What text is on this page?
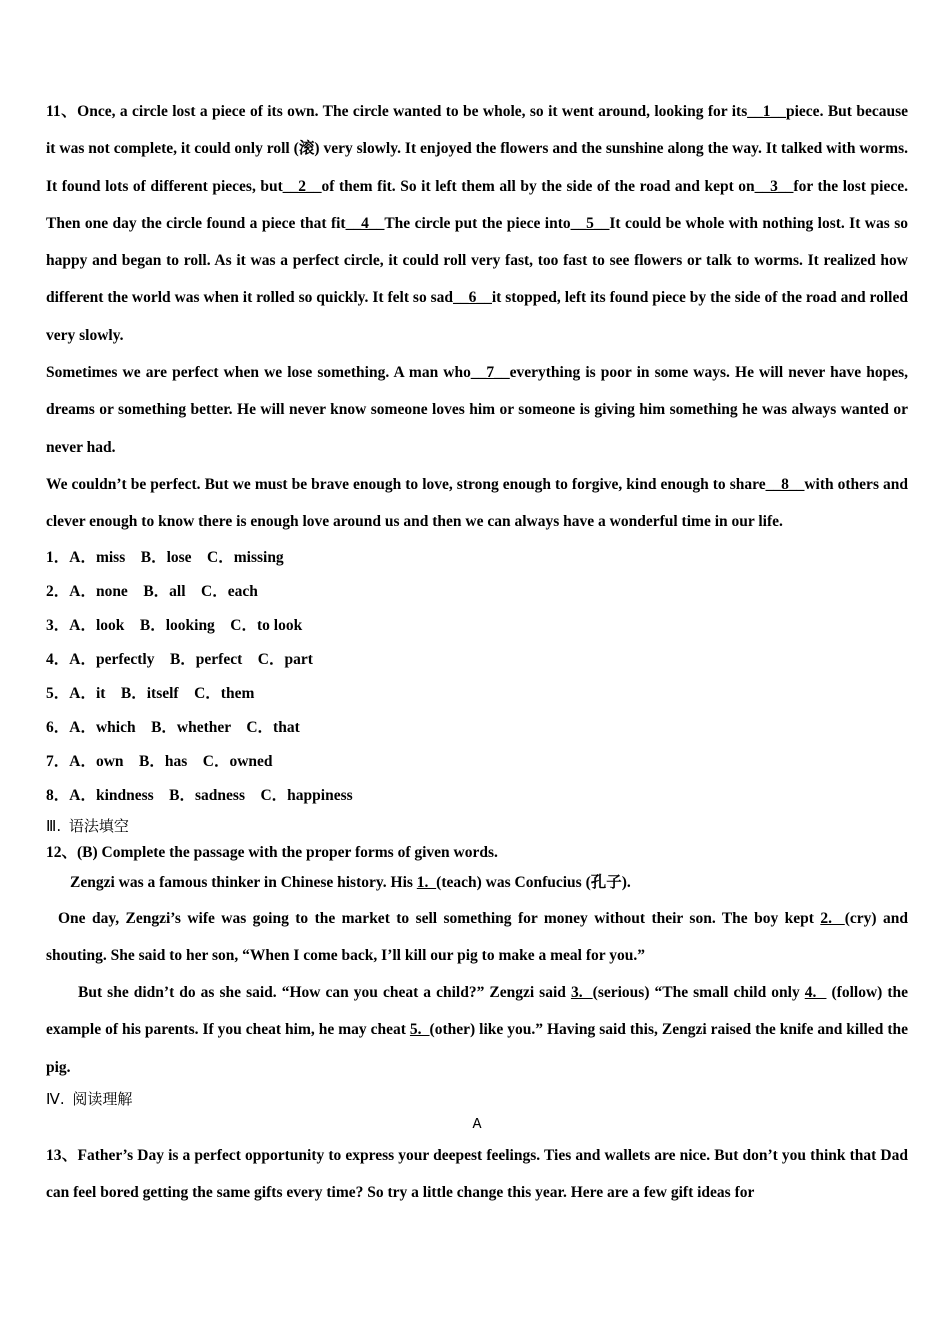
11、Once, a circle lost a piece of its own. The circle wanted to be whole, so it went around, looking for its__1__piece. But because it was not complete, it could only roll (滚) very slowly. It enjoyed the flowers and the sunshine along the way. It talked with worms. It found lots of different pieces, but__2__of them fit. So it left them all by the side of the road and kept on__3__for the lost piece. Then one day the circle found a piece that fit__4__The circle put the piece into__5__It could be whole with nothing lost. It was so happy and began to roll. As it was a perfect circle, it could roll very fast, too fast to see flowers or talk to worms. It realized how different the world was when it rolled so quickly. It felt so sad__6__it stopped, left its found piece by the side of the road and rolled very slowly.

Sometimes we are perfect when we lose something. A man who__7__everything is poor in some ways. He will never have hopes, dreams or something better. He will never know someone loves him or someone is giving him something he was always wanted or never had.

We couldn’t be perfect. But we must be brave enough to love, strong enough to forgive, kind enough to share__8__with others and clever enough to know there is enough love around us and then we can always have a wonderful time in our life.

1．A．miss    B．lose    C．missing

2．A．none    B．all    C．each

3．A．look    B．looking    C．to look

4．A．perfectly    B．perfect    C．part

5．A．it    B．itself    C．them

6．A．which    B．whether    C．that

7．A．own    B．has    C．owned

8．A．kindness    B．sadness    C．happiness

Ⅲ. 语法填空

12、(B) Complete the passage with the proper forms of given words.

Zengzi was a famous thinker in Chinese history. His 1.  (teach) was Confucius (孔子).

One day, Zengzi’s wife was going to the market to sell something for money without their son. The boy kept 2.  (cry) and shouting. She said to her son, “When I come back, I’ll kill our pig to make a meal for you.”

But she didn’t do as she said. “How can you cheat a child?” Zengzi said 3.  (serious) “The small child only 4.   (follow) the example of his parents. If you cheat him, he may cheat 5.  (other) like you.” Having said this, Zengzi raised the knife and killed the pig.

Ⅳ. 阅读理解

A

13、Father’s Day is a perfect opportunity to express your deepest feelings. Ties and wallets are nice. But don’t you think that Dad can feel bored getting the same gifts every time? So try a little change this year. Here are a few gift ideas for
